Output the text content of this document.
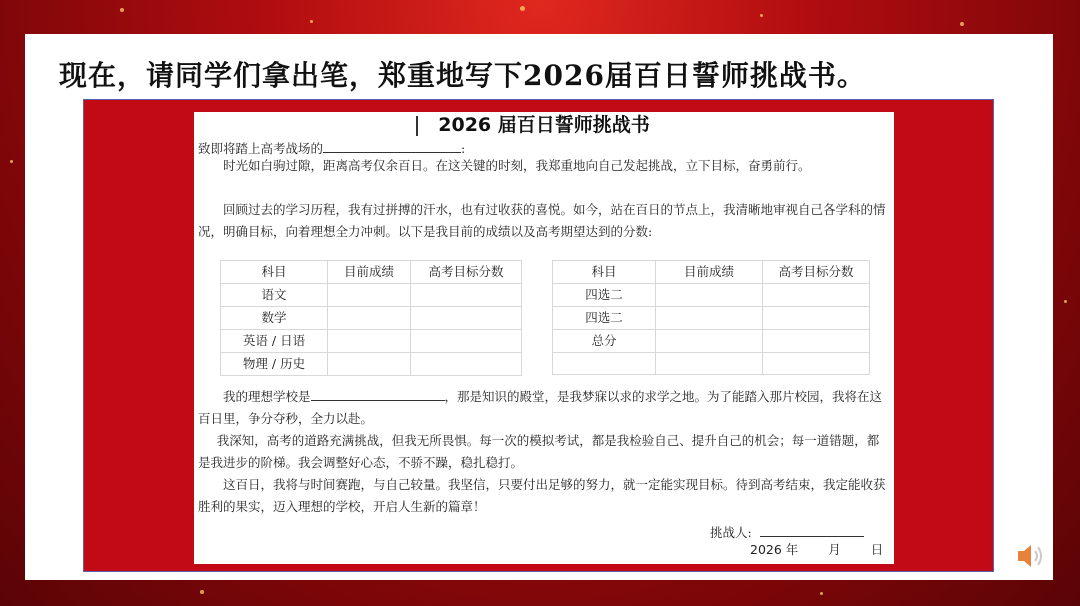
现在，请同学们拿出笔，郑重地写下2026届百日誓师挑战书。
2026 届百日誓师挑战书

致即将踏上高考战场的	:

时光如白驹过隙，距离高考仅余百日。在这关键的时刻，我郑重地向自己发起挑战，立下目标，奋勇前行。

回顾过去的学习历程，我有过拼搏的汗水，也有过收获的喜悦。如今，站在百日的节点上，我清晰地审视自己各学科的情况，明确目标，向着理想全力冲刺。以下是我目前的成绩以及高考期望达到的分数:

科目	目前成绩	高考目标分数
语文		
数学		
英语 / 日语		
物理 / 历史		
科目	目前成绩	高考目标分数
四选二		
四选二		
总分		

我的理想学校是	，那是知识的殿堂，是我梦寐以求的求学之地。为了能踏入那片校园，我将在这百日里，争分夺秒，全力以赴。

我深知，高考的道路充满挑战，但我无所畏惧。每一次的模拟考试，都是我检验自己、提升自己的机会；每一道错题，都是我进步的阶梯。我会调整好心态，不骄不躁，稳扎稳打。

这百日，我将与时间赛跑，与自己较量。我坚信，只要付出足够的努力，就一定能实现目标。待到高考结束，我定能收获胜利的果实，迈入理想的学校，开启人生新的篇章！

挑战人:
2026 年 月 日
